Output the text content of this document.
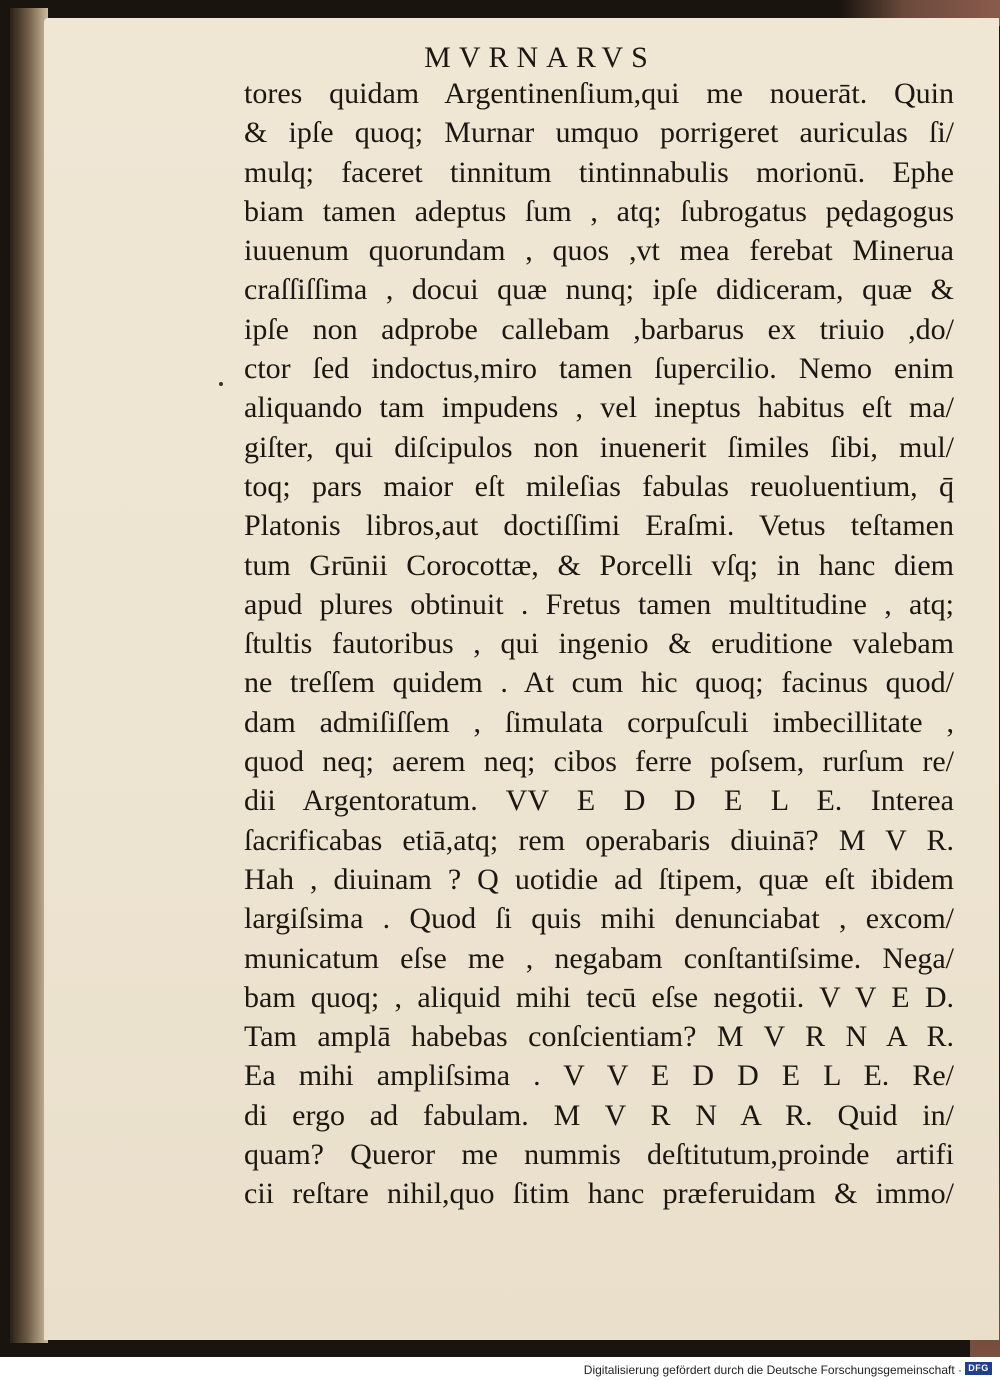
MVRNARVS
tores quidam Argentinenſium,qui me nouerāt. Quin
& ipſe quoq; Murnar umquo porrigeret auriculas ſi/
mulq; faceret tinnitum tintinnabulis morionū. Ephe
biam tamen adeptus ſum , atq; ſubrogatus pędagogus
iuuenum quorundam , quos ,vt mea ferebat Minerua
craſſiſſima , docui quæ nunq; ipſe didiceram, quæ &
ipſe non adprobe callebam ,barbarus ex triuio ,do/
ctor ſed indoctus,miro tamen ſupercilio. Nemo enim
aliquando tam impudens , vel ineptus habitus eſt ma/
giſter, qui diſcipulos non inuenerit ſimiles ſibi, mul/
toq; pars maior eſt mileſias fabulas reuoluentium, q̄
Platonis libros,aut doctiſſimi Eraſmi. Vetus teſtamen
tum Grūnii Corocottæ, & Porcelli vſq; in hanc diem
apud plures obtinuit . Fretus tamen multitudine , atq;
ſtultis fautoribus , qui ingenio & eruditione valebam
ne treſſem quidem . At cum hic quoq; facinus quod/
dam admiſiſſem , ſimulata corpuſculi imbecillitate ,
quod neq; aerem neq; cibos ferre poſsem, rurſum re/
dii Argentoratum. VV E D D E L E. Interea
ſacrificabas etiā,atq; rem operabaris diuinā? M V R.
Hah , diuinam ? Q uotidie ad ſtipem, quæ eſt ibidem
largiſsima . Quod ſi quis mihi denunciabat , excom/
municatum eſse me , negabam conſtantiſsime. Nega/
bam quoq; , aliquid mihi tecū eſse negotii. V V E D.
Tam amplā habebas conſcientiam? M V R N A R.
Ea mihi ampliſsima . V V E D D E L E. Re/
di ergo ad fabulam. M V R N A R. Quid in/
quam? Queror me nummis deſtitutum,proinde artifi
cii reſtare nihil,quo ſitim hanc præferuidam & immo/
Digitalisierung gefördert durch die Deutsche Forschungsgemeinschaft · DFG
